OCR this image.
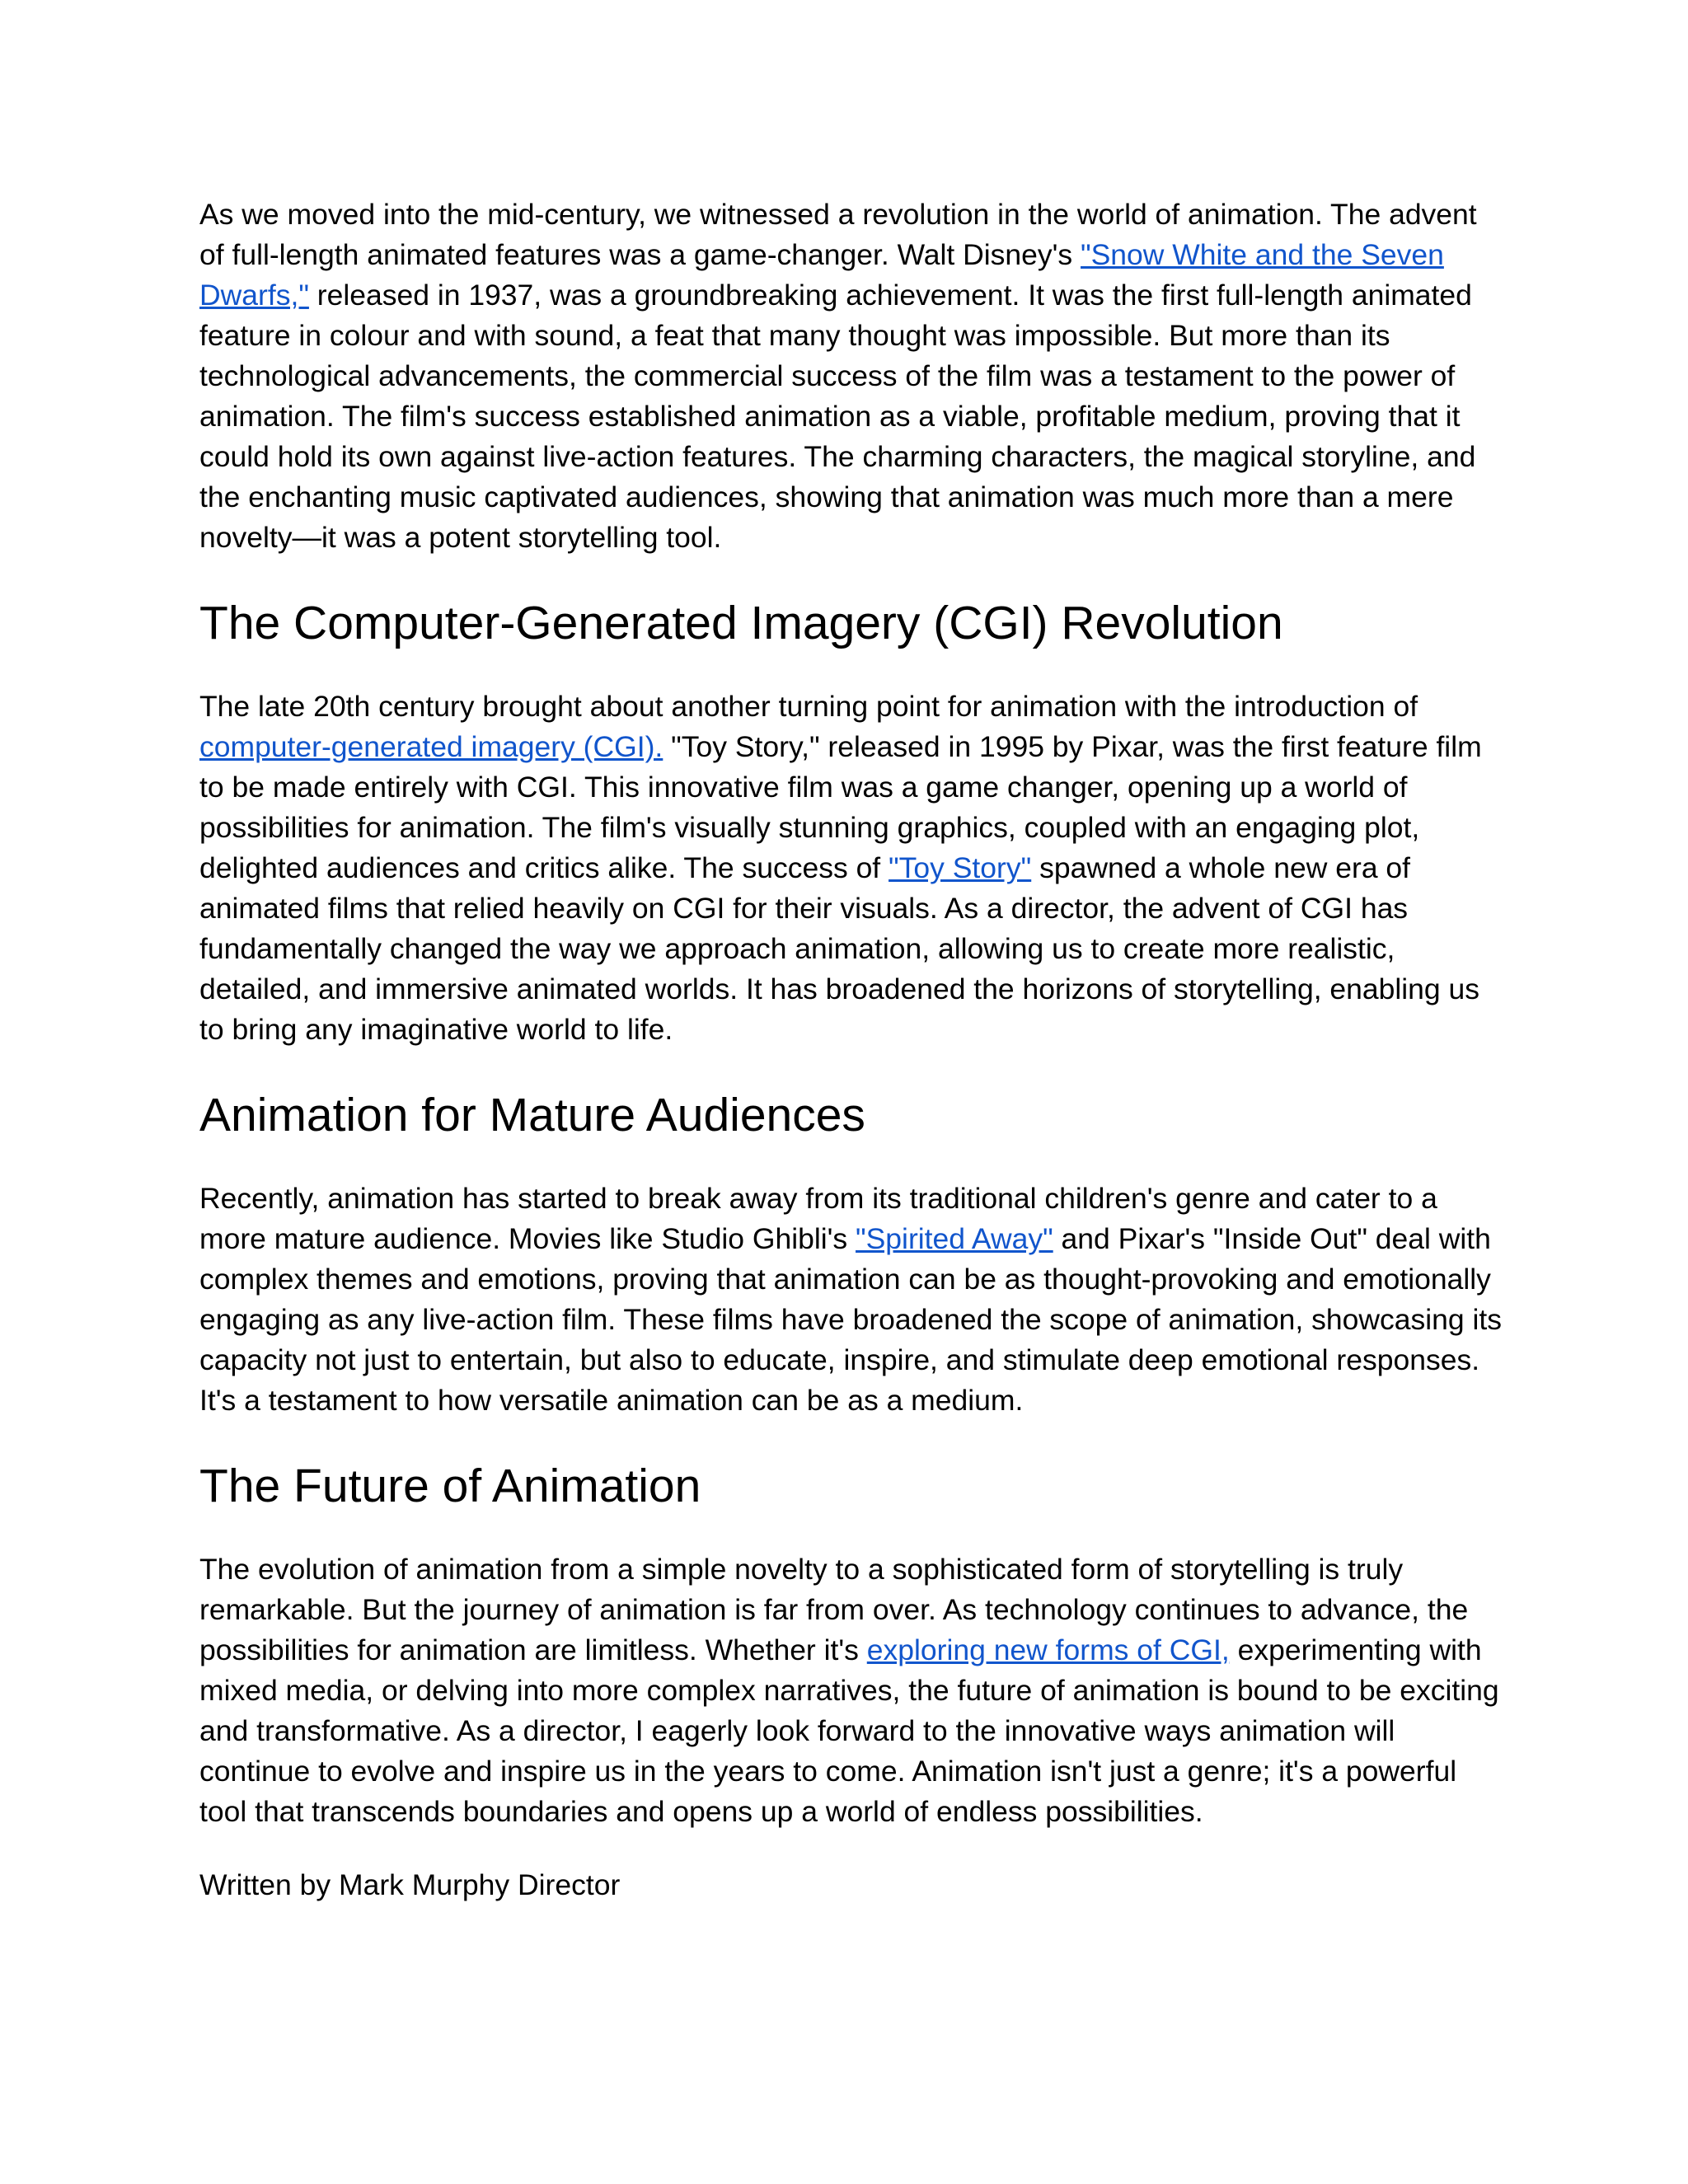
As we moved into the mid-century, we witnessed a revolution in the world of animation. The advent of full-length animated features was a game-changer. Walt Disney's "Snow White and the Seven Dwarfs," released in 1937, was a groundbreaking achievement. It was the first full-length animated feature in colour and with sound, a feat that many thought was impossible. But more than its technological advancements, the commercial success of the film was a testament to the power of animation. The film's success established animation as a viable, profitable medium, proving that it could hold its own against live-action features. The charming characters, the magical storyline, and the enchanting music captivated audiences, showing that animation was much more than a mere novelty—it was a potent storytelling tool.

The Computer-Generated Imagery (CGI) Revolution

The late 20th century brought about another turning point for animation with the introduction of computer-generated imagery (CGI). "Toy Story," released in 1995 by Pixar, was the first feature film to be made entirely with CGI. This innovative film was a game changer, opening up a world of possibilities for animation. The film's visually stunning graphics, coupled with an engaging plot, delighted audiences and critics alike. The success of "Toy Story" spawned a whole new era of animated films that relied heavily on CGI for their visuals. As a director, the advent of CGI has fundamentally changed the way we approach animation, allowing us to create more realistic, detailed, and immersive animated worlds. It has broadened the horizons of storytelling, enabling us to bring any imaginative world to life.

Animation for Mature Audiences

Recently, animation has started to break away from its traditional children's genre and cater to a more mature audience. Movies like Studio Ghibli's "Spirited Away" and Pixar's "Inside Out" deal with complex themes and emotions, proving that animation can be as thought-provoking and emotionally engaging as any live-action film. These films have broadened the scope of animation, showcasing its capacity not just to entertain, but also to educate, inspire, and stimulate deep emotional responses. It's a testament to how versatile animation can be as a medium.

The Future of Animation

The evolution of animation from a simple novelty to a sophisticated form of storytelling is truly remarkable. But the journey of animation is far from over. As technology continues to advance, the possibilities for animation are limitless. Whether it's exploring new forms of CGI, experimenting with mixed media, or delving into more complex narratives, the future of animation is bound to be exciting and transformative. As a director, I eagerly look forward to the innovative ways animation will continue to evolve and inspire us in the years to come. Animation isn't just a genre; it's a powerful tool that transcends boundaries and opens up a world of endless possibilities.

Written by Mark Murphy Director
